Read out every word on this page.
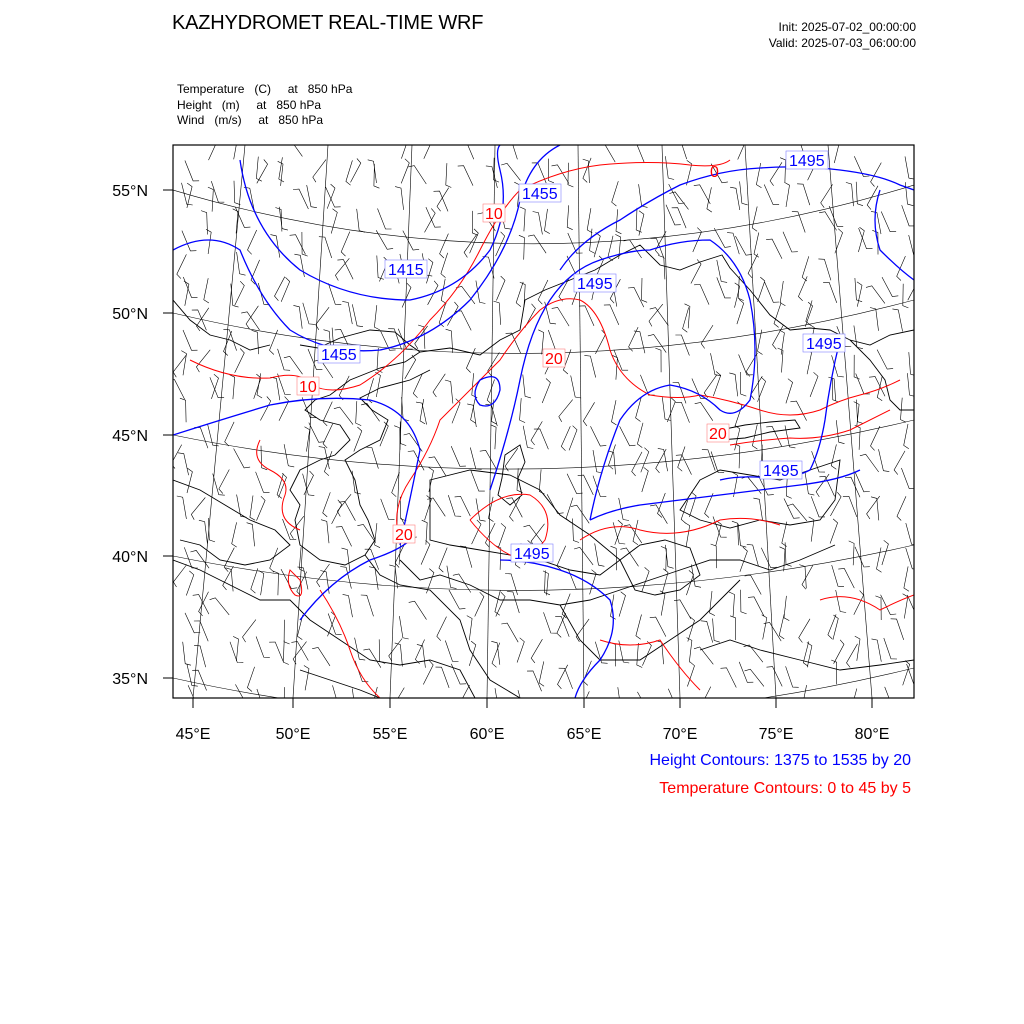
KAZHYDROMET REAL-TIME WRF	Init: 2025-07-02_00:00:00
Valid: 2025-07-03_06:00:00
Temperature   (C)     at   850 hPa
Height   (m)     at   850 hPa
Wind   (m/s)     at   850 hPa
1495
1455
1415
1495
1455
1495
1495
1495
10
0
20
10
20
20
55°N
50°N
45°N
40°N
35°N
45°E	50°E	55°E	60°E	65°E	70°E	75°E	80°E
Height Contours: 1375 to 1535 by 20
Temperature Contours: 0 to 45 by 5
